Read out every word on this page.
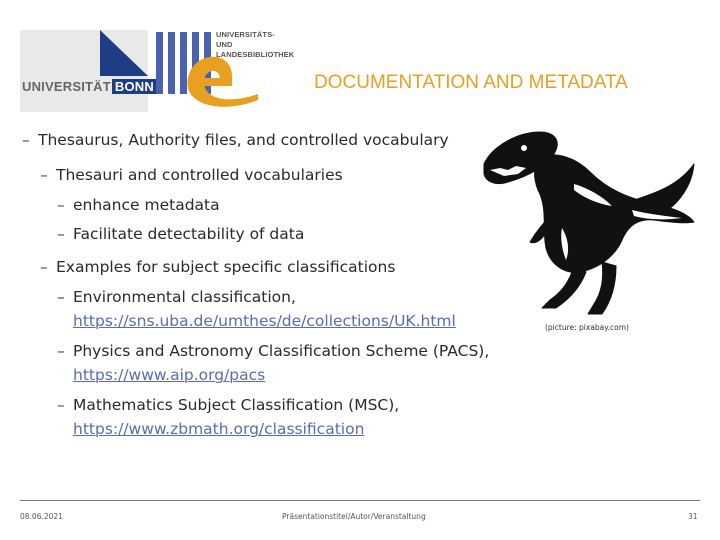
UNIVERSITÄT BONN
UNIVERSITÄTS-
UND LANDESBIBLIOTHEK
DOCUMENTATION AND METADATA
– Thesaurus, Authority files, and controlled vocabulary
– Thesauri and controlled vocabularies
– enhance metadata
– Facilitate detectability of data
– Examples for subject specific classifications
– Environmental classification,
https://sns.uba.de/umthes/de/collections/UK.html
– Physics and Astronomy Classification Scheme (PACS),
https://www.aip.org/pacs
– Mathematics Subject Classification (MSC),
https://www.zbmath.org/classification
(picture: pixabay.com)
08.06.2021	Präsentationstitel/Autor/Veranstaltung	31
